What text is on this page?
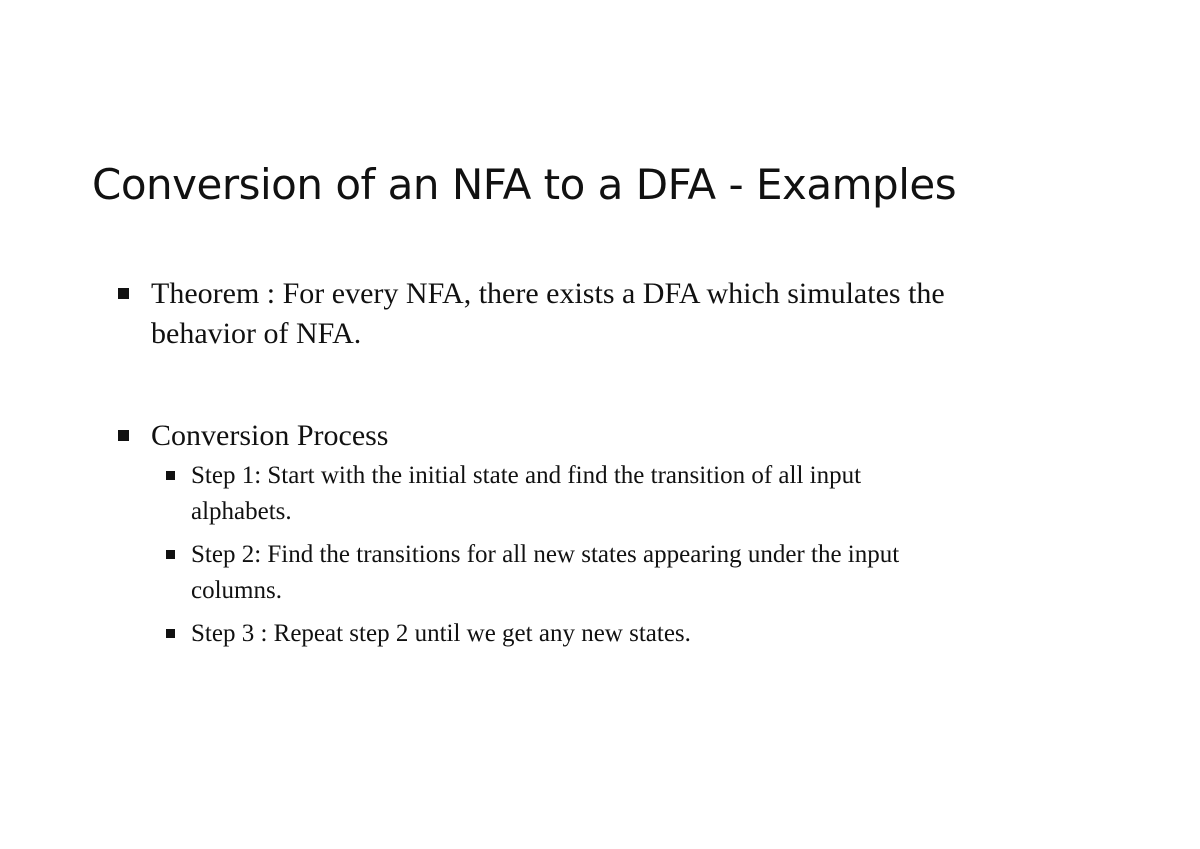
Conversion of an NFA to a DFA - Examples
Theorem : For every NFA, there exists a DFA which simulates the behavior of NFA.
Conversion Process
Step 1: Start with the initial state and find the transition of all input alphabets.
Step 2: Find the transitions for all new states appearing under the input columns.
Step 3 : Repeat step 2 until we get any new states.
